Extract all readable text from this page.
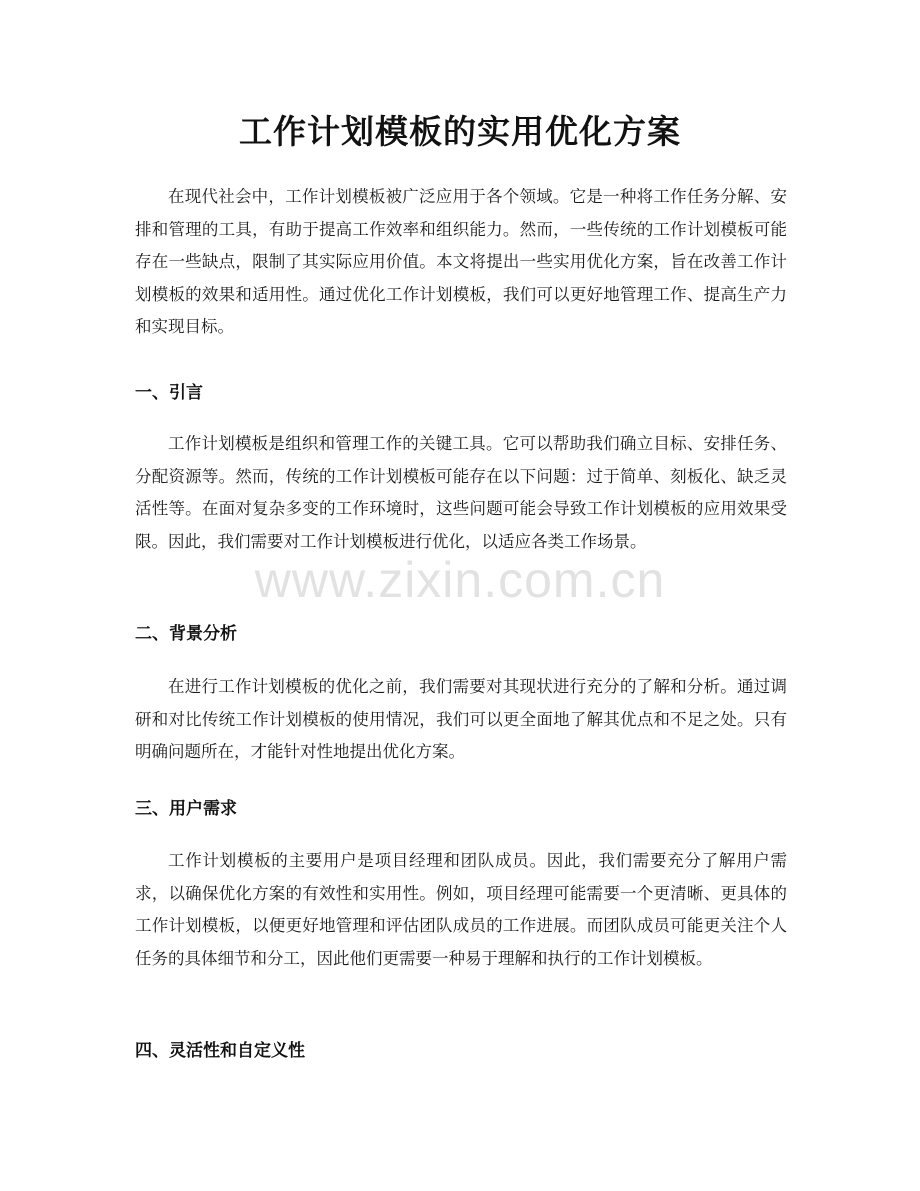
工作计划模板的实用优化方案

在现代社会中，工作计划模板被广泛应用于各个领域。它是一种将工作任务分解、安排和管理的工具，有助于提高工作效率和组织能力。然而，一些传统的工作计划模板可能存在一些缺点，限制了其实际应用价值。本文将提出一些实用优化方案，旨在改善工作计划模板的效果和适用性。通过优化工作计划模板，我们可以更好地管理工作、提高生产力和实现目标。

一、引言

工作计划模板是组织和管理工作的关键工具。它可以帮助我们确立目标、安排任务、分配资源等。然而，传统的工作计划模板可能存在以下问题：过于简单、刻板化、缺乏灵活性等。在面对复杂多变的工作环境时，这些问题可能会导致工作计划模板的应用效果受限。因此，我们需要对工作计划模板进行优化，以适应各类工作场景。

二、背景分析

在进行工作计划模板的优化之前，我们需要对其现状进行充分的了解和分析。通过调研和对比传统工作计划模板的使用情况，我们可以更全面地了解其优点和不足之处。只有明确问题所在，才能针对性地提出优化方案。

三、用户需求

工作计划模板的主要用户是项目经理和团队成员。因此，我们需要充分了解用户需求，以确保优化方案的有效性和实用性。例如，项目经理可能需要一个更清晰、更具体的工作计划模板，以便更好地管理和评估团队成员的工作进展。而团队成员可能更关注个人任务的具体细节和分工，因此他们更需要一种易于理解和执行的工作计划模板。

四、灵活性和自定义性
www.zixin.com.cn
